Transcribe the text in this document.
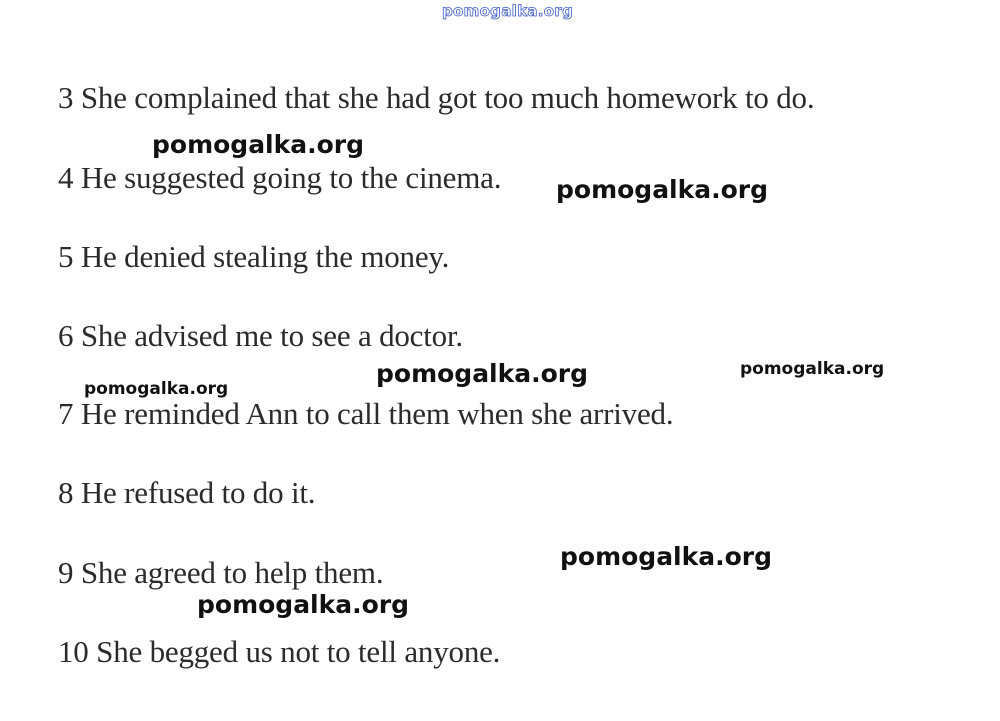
pomogalka.org
3 She complained that she had got too much homework to do.
4 He suggested going to the cinema.
5 He denied stealing the money.
6 She advised me to see a doctor.
7 He reminded Ann to call them when she arrived.
8 He refused to do it.
9 She agreed to help them.
10 She begged us not to tell anyone.
pomogalka.org
pomogalka.org
pomogalka.org	pomogalka.org
pomogalka.org
pomogalka.org
pomogalka.org
